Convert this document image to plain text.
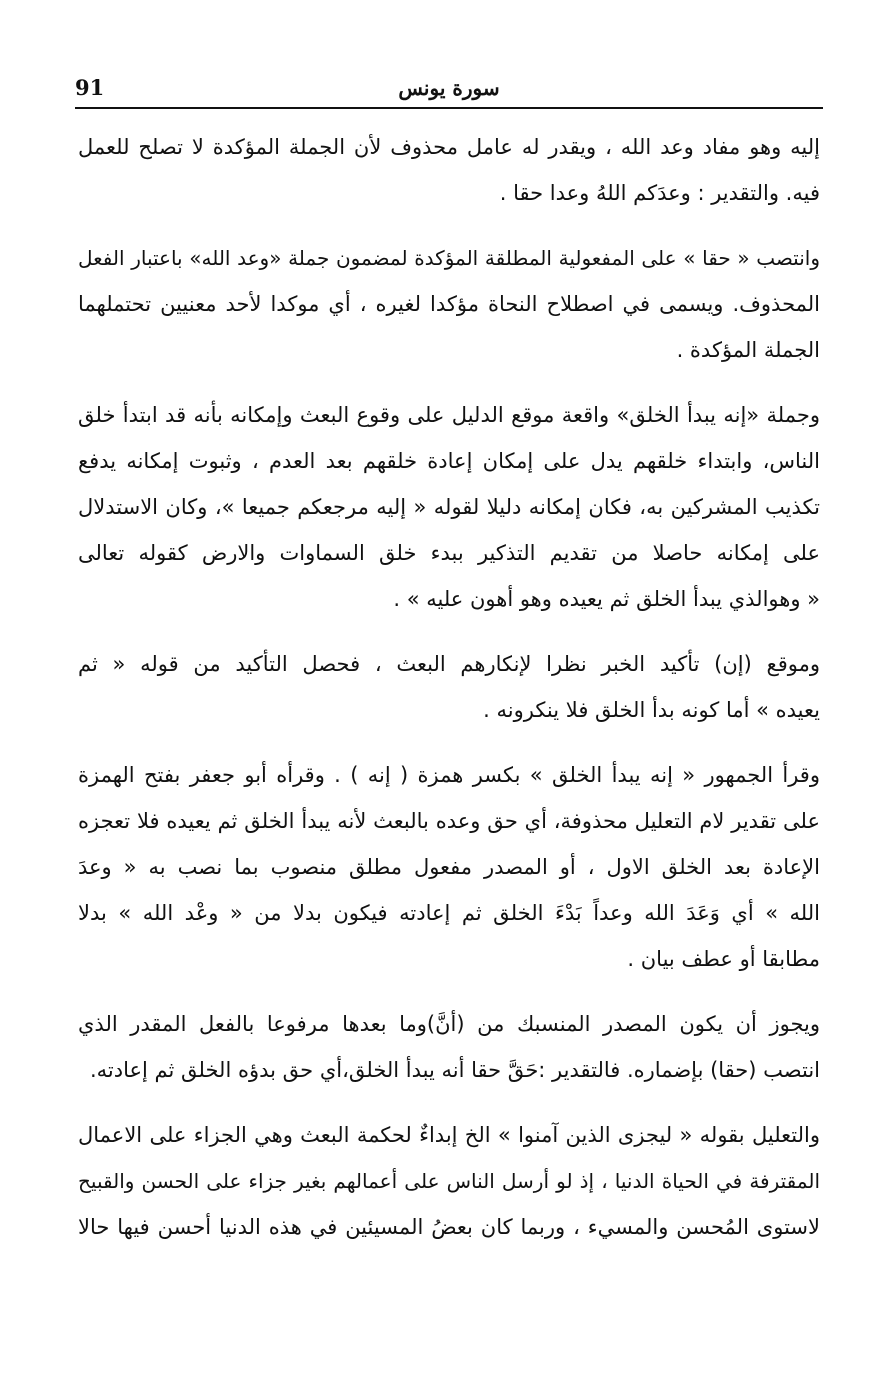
91	سورة يونس
إليه وهو مفاد وعد الله ، ويقدر له عامل محذوف لأن الجملة المؤكدة لا تصلح للعمل
فيه. والتقدير : وعدَكم اللهُ وعدا حقا .
وانتصب « حقا » على المفعولية المطلقة المؤكدة لمضمون جملة «وعد الله» باعتبار الفعل
المحذوف. ويسمى في اصطلاح النحاة مؤكدا لغيره ، أي موكدا لأحد معنيين تحتملهما
الجملة المؤكدة .
وجملة «إنه يبدأ الخلق» واقعة موقع الدليل على وقوع البعث وإمكانه بأنه قد ابتدأ خلق
الناس، وابتداء خلقهم يدل على إمكان إعادة خلقهم بعد العدم ، وثبوت إمكانه يدفع
تكذيب المشركين به، فكان إمكانه دليلا لقوله « إليه مرجعكم جميعا »، وكان الاستدلال
على إمكانه حاصلا من تقديم التذكير ببدء خلق السماوات والارض كقوله تعالى
« وهوالذي يبدأ الخلق ثم يعيده وهو أهون عليه » .
وموقع (إن) تأكيد الخبر نظرا لإنكارهم البعث ، فحصل التأكيد من قوله « ثم
يعيده » أما كونه بدأ الخلق فلا ينكرونه .
وقرأ الجمهور « إنه يبدأ الخلق » بكسر همزة ( إنه ) . وقرأه أبو جعفر بفتح الهمزة
على تقدير لام التعليل محذوفة، أي حق وعده بالبعث لأنه يبدأ الخلق ثم يعيده فلا تعجزه
الإعادة بعد الخلق الاول ، أو المصدر مفعول مطلق منصوب بما نصب به « وعدَ
الله » أي وَعَدَ الله وعداً بَدْءَ الخلق ثم إعادته فيكون بدلا من « وعْد الله » بدلا
مطابقا أو عطف بيان .
ويجوز أن يكون المصدر المنسبك من (أنَّ)وما بعدها مرفوعا بالفعل المقدر الذي
انتصب (حقا) بإضماره. فالتقدير :حَقَّ حقا أنه يبدأ الخلق،أي حق بدؤه الخلق ثم إعادته.
والتعليل بقوله « ليجزى الذين آمنوا » الخ إبداءٌ لحكمة البعث وهي الجزاء على الاعمال
المقترفة في الحياة الدنيا ، إذ لو أرسل الناس على أعمالهم بغير جزاء على الحسن والقبيح
لاستوى المُحسن والمسيء ، وربما كان بعضُ المسيئين في هذه الدنيا أحسن فيها حالا
